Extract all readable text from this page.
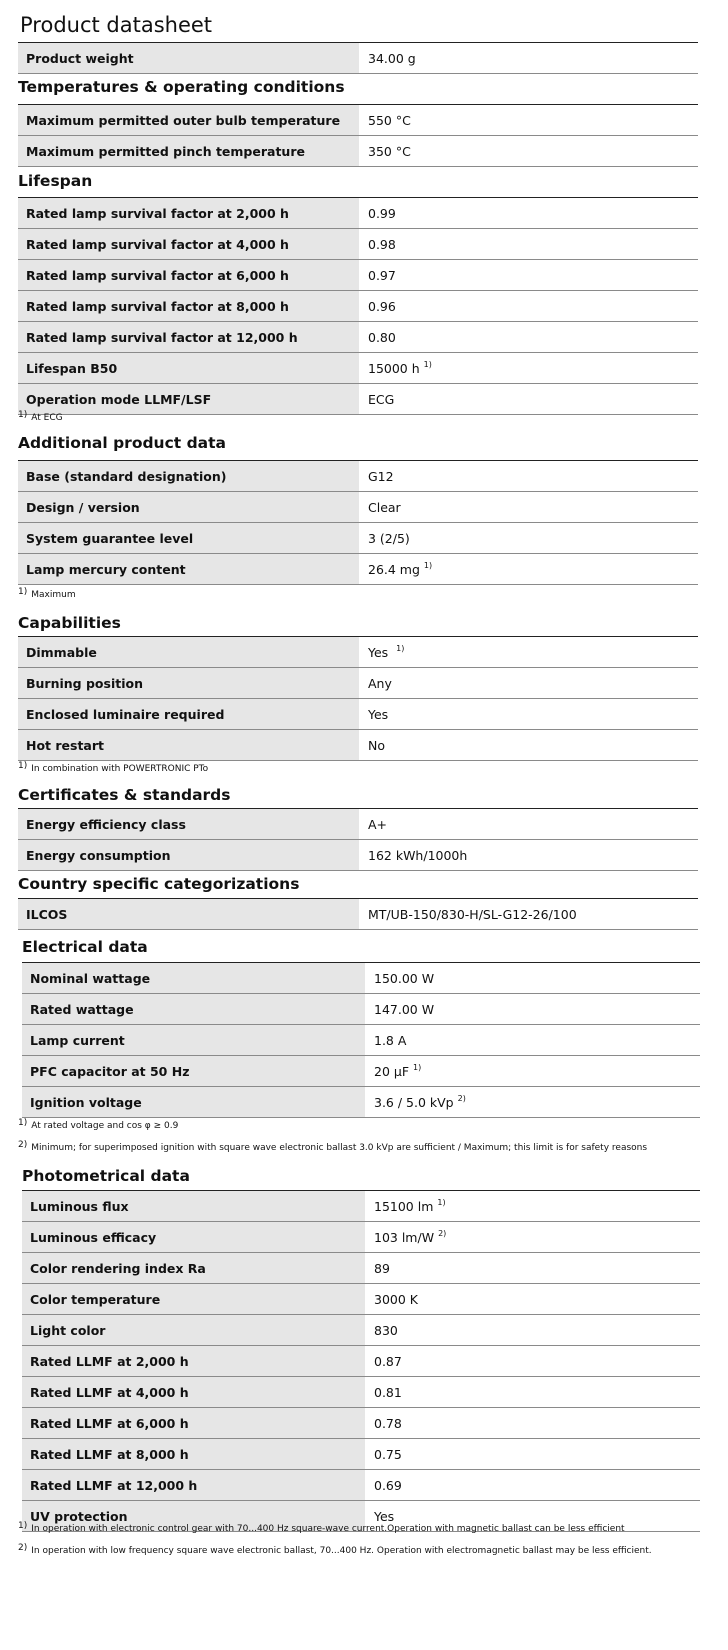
Product datasheet
Product weight	34.00 g
Temperatures & operating conditions
Maximum permitted outer bulb temperature	550 °C
Maximum permitted pinch temperature	350 °C
Lifespan
Rated lamp survival factor at 2,000 h	0.99
Rated lamp survival factor at 4,000 h	0.98
Rated lamp survival factor at 6,000 h	0.97
Rated lamp survival factor at 8,000 h	0.96
Rated lamp survival factor at 12,000 h	0.80
Lifespan B50	15000 h $^{1)}$
Operation mode LLMF/LSF	ECG
$^{1)}$ At ECG
Additional product data
Base (standard designation)	G12
Design / version	Clear
System guarantee level	3 (2/5)
Lamp mercury content	26.4 mg $^{1)}$
$^{1)}$ Maximum
Capabilities
Dimmable	Yes $^{1)}$
Burning position	Any
Enclosed luminaire required	Yes
Hot restart	No
$^{1)}$ In combination with POWERTRONIC PTo
Certificates & standards
Energy efficiency class	A+
Energy consumption	162 kWh/1000h
Country specific categorizations
ILCOS	MT/UB-150/830-H/SL-G12-26/100
Electrical data
Nominal wattage	150.00 W
Rated wattage	147.00 W
Lamp current	1.8 A
PFC capacitor at 50 Hz	20 µF $^{1)}$
Ignition voltage	3.6 / 5.0 kVp $^{2)}$
$^{1)}$ At rated voltage and cos φ ≥ 0.9
$^{2)}$ Minimum; for superimposed ignition with square wave electronic ballast 3.0 kVp are sufficient / Maximum; this limit is for safety reasons
Photometrical data
Luminous flux	15100 lm $^{1)}$
Luminous efficacy	103 lm/W $^{2)}$
Color rendering index Ra	89
Color temperature	3000 K
Light color	830
Rated LLMF at 2,000 h	0.87
Rated LLMF at 4,000 h	0.81
Rated LLMF at 6,000 h	0.78
Rated LLMF at 8,000 h	0.75
Rated LLMF at 12,000 h	0.69
UV protection	Yes
$^{1)}$ In operation with electronic control gear with 70...400 Hz square-wave current.Operation with magnetic ballast can be less efficient
$^{2)}$ In operation with low frequency square wave electronic ballast, 70...400 Hz. Operation with electromagnetic ballast may be less efficient.
